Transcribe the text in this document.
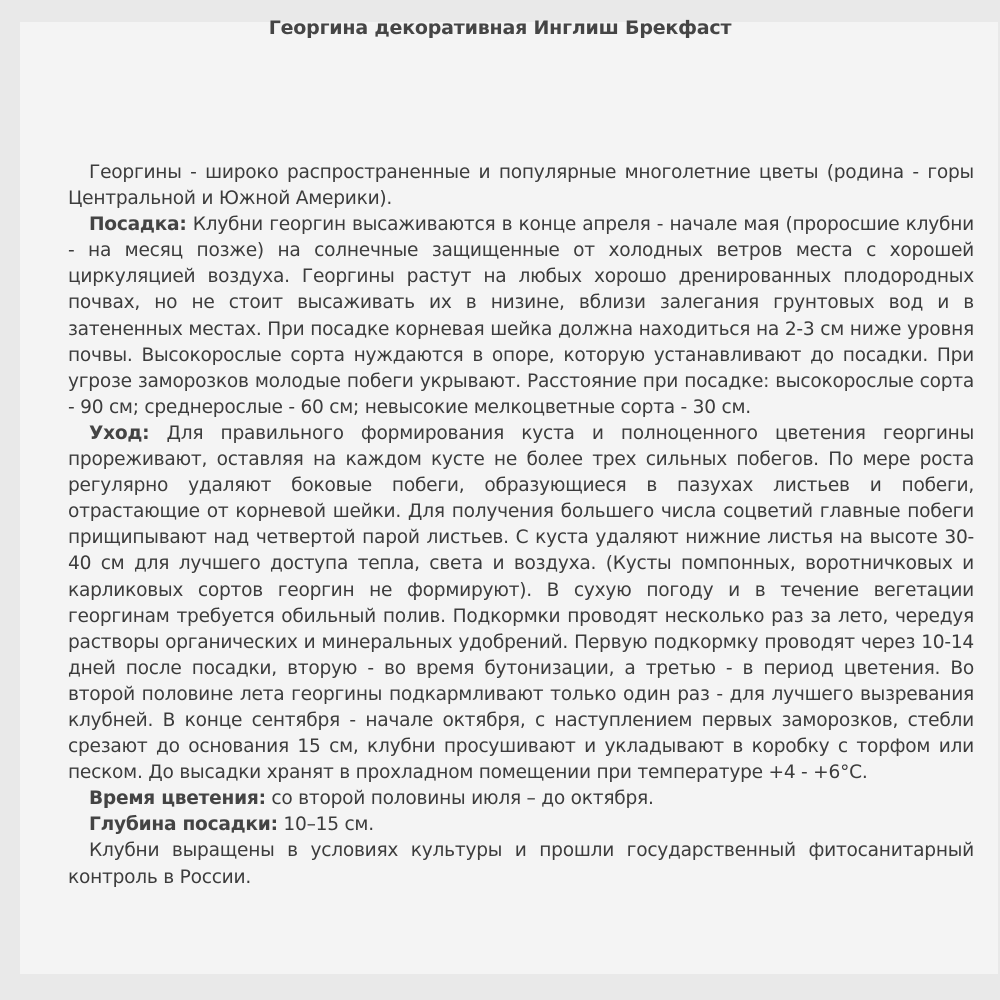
Георгина декоративная Инглиш Брекфаст

Георгины - широко распространенные и популярные многолетние цветы (родина - горы Центральной и Южной Америки).

Посадка: Клубни георгин высаживаются в конце апреля - начале мая (проросшие клубни - на месяц позже) на солнечные защищенные от холодных ветров места с хорошей циркуляцией воздуха. Георгины растут на любых хорошо дренированных плодородных почвах, но не стоит высаживать их в низине, вблизи залегания грунтовых вод и в затененных местах. При посадке корневая шейка должна находиться на 2-3 см ниже уровня почвы. Высокорослые сорта нуждаются в опоре, которую устанавливают до посадки. При угрозе заморозков молодые побеги укрывают. Расстояние при посадке: высокорослые сорта - 90 см; среднерослые - 60 см; невысокие мелкоцветные сорта - 30 см.

Уход: Для правильного формирования куста и полноценного цветения георгины прореживают, оставляя на каждом кусте не более трех сильных побегов. По мере роста регулярно удаляют боковые побеги, образующиеся в пазухах листьев и побеги, отрастающие от корневой шейки. Для получения большего числа соцветий главные побеги прищипывают над четвертой парой листьев. С куста удаляют нижние листья на высоте 30-40 см для лучшего доступа тепла, света и воздуха. (Кусты помпонных, воротничковых и карликовых сортов георгин не формируют). В сухую погоду и в течение вегетации георгинам требуется обильный полив. Подкормки проводят несколько раз за лето, чередуя растворы органических и минеральных удобрений. Первую подкормку проводят через 10-14 дней после посадки, вторую - во время бутонизации, а третью - в период цветения. Во второй половине лета георгины подкармливают только один раз - для лучшего вызревания клубней. В конце сентября - начале октября, с наступлением первых заморозков, стебли срезают до основания 15 см, клубни просушивают и укладывают в коробку с торфом или песком. До высадки хранят в прохладном помещении при температуре +4 - +6°С.

Время цветения: со второй половины июля – до октября.

Глубина посадки: 10–15 см.

Клубни выращены в условиях культуры и прошли государственный фитосанитарный контроль в России.
